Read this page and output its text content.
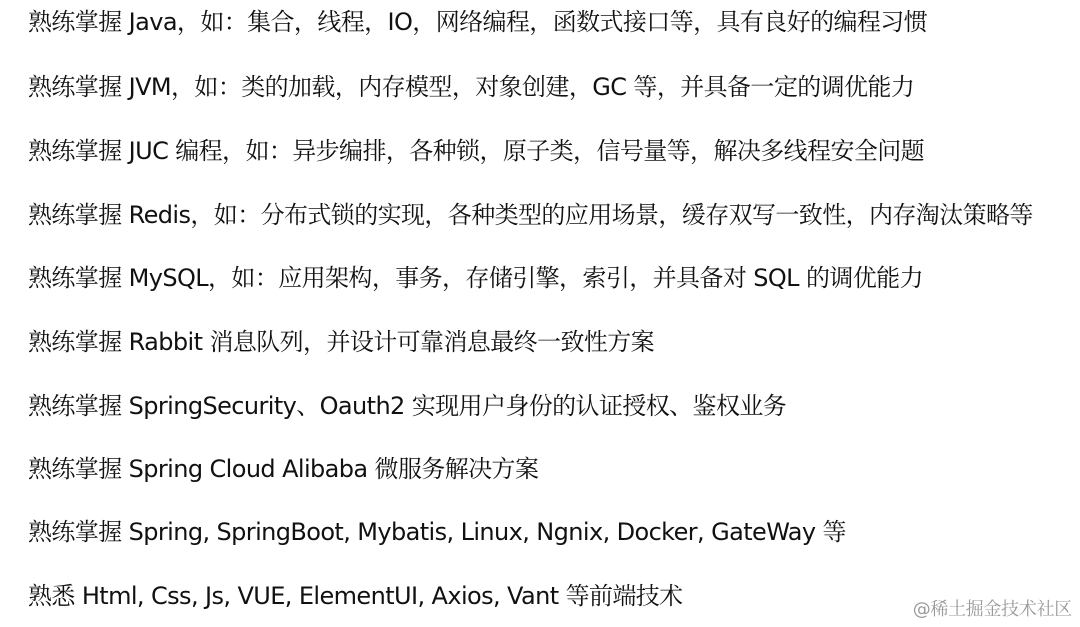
熟练掌握 Java，如：集合，线程，IO，网络编程，函数式接口等，具有良好的编程习惯
熟练掌握 JVM，如：类的加载，内存模型，对象创建，GC 等，并具备一定的调优能力
熟练掌握 JUC 编程，如：异步编排，各种锁，原子类，信号量等，解决多线程安全问题
熟练掌握 Redis，如：分布式锁的实现，各种类型的应用场景，缓存双写一致性，内存淘汰策略等
熟练掌握 MySQL，如：应用架构，事务，存储引擎，索引，并具备对 SQL 的调优能力
熟练掌握 Rabbit 消息队列，并设计可靠消息最终一致性方案
熟练掌握 SpringSecurity、Oauth2 实现用户身份的认证授权、鉴权业务
熟练掌握 Spring Cloud Alibaba 微服务解决方案
熟练掌握 Spring, SpringBoot, Mybatis, Linux, Ngnix, Docker, GateWay 等
熟悉 Html, Css, Js, VUE, ElementUI, Axios, Vant 等前端技术	@稀土掘金技术社区
